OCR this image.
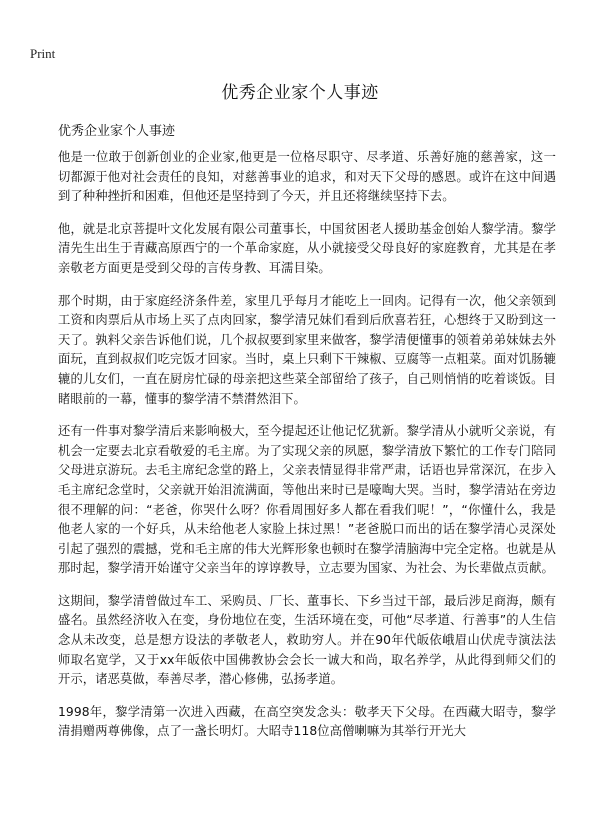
Print
优秀企业家个人事迹

优秀企业家个人事迹

他是一位敢于创新创业的企业家,他更是一位格尽职守、尽孝道、乐善好施的慈善家，这一切都源于他对社会责任的良知，对慈善事业的追求，和对天下父母的感恩。或许在这中间遇到了种种挫折和困难，但他还是坚持到了今天，并且还将继续坚持下去。

他，就是北京菩提叶文化发展有限公司董事长，中国贫困老人援助基金创始人黎学清。黎学清先生出生于青藏高原西宁的一个革命家庭，从小就接受父母良好的家庭教育，尤其是在孝亲敬老方面更是受到父母的言传身教、耳濡目染。

那个时期，由于家庭经济条件差，家里几乎每月才能吃上一回肉。记得有一次，他父亲领到工资和肉票后从市场上买了点肉回家，黎学清兄妹们看到后欣喜若狂，心想终于又盼到这一天了。孰料父亲告诉他们说，几个叔叔要到家里来做客，黎学清便懂事的领着弟弟妹妹去外面玩，直到叔叔们吃完饭才回家。当时，桌上只剩下干辣椒、豆腐等一点粗菜。面对饥肠辘辘的儿女们，一直在厨房忙碌的母亲把这些菜全部留给了孩子，自己则悄悄的吃着谈饭。目睹眼前的一幕，懂事的黎学清不禁潸然泪下。

还有一件事对黎学清后来影响极大，至今提起还让他记忆犹新。黎学清从小就听父亲说，有机会一定要去北京看敬爱的毛主席。为了实现父亲的夙愿，黎学清放下繁忙的工作专门陪同父母进京游玩。去毛主席纪念堂的路上，父亲表情显得非常严肃，话语也异常深沉，在步入毛主席纪念堂时，父亲就开始泪流满面，等他出来时已是嚎啕大哭。当时，黎学清站在旁边很不理解的问：“老爸，你哭什么呀？你看周围好多人都在看我们呢！”，“你懂什么，我是他老人家的一个好兵，从未给他老人家脸上抹过黑！”老爸脱口而出的话在黎学清心灵深处引起了强烈的震撼，党和毛主席的伟大光辉形象也顿时在黎学清脑海中完全定格。也就是从那时起，黎学清开始谨守父亲当年的谆谆教导，立志要为国家、为社会、为长辈做点贡献。

这期间，黎学清曾做过车工、采购员、厂长、董事长、下乡当过干部，最后涉足商海，颇有盛名。虽然经济收入在变，身份地位在变，生活环境在变，可他“尽孝道、行善事”的人生信念从未改变，总是想方设法的孝敬老人，救助穷人。并在90年代皈依峨眉山伏虎寺演法法师取名宽学，又于xx年皈依中国佛教协会会长一诚大和尚，取名养学，从此得到师父们的开示，诸恶莫做，奉善尽孝，潜心修佛，弘扬孝道。

1998年，黎学清第一次进入西藏，在高空突发念头：敬孝天下父母。在西藏大昭寺，黎学清捐赠两尊佛像，点了一盏长明灯。大昭寺118位高僧喇嘛为其举行开光大
